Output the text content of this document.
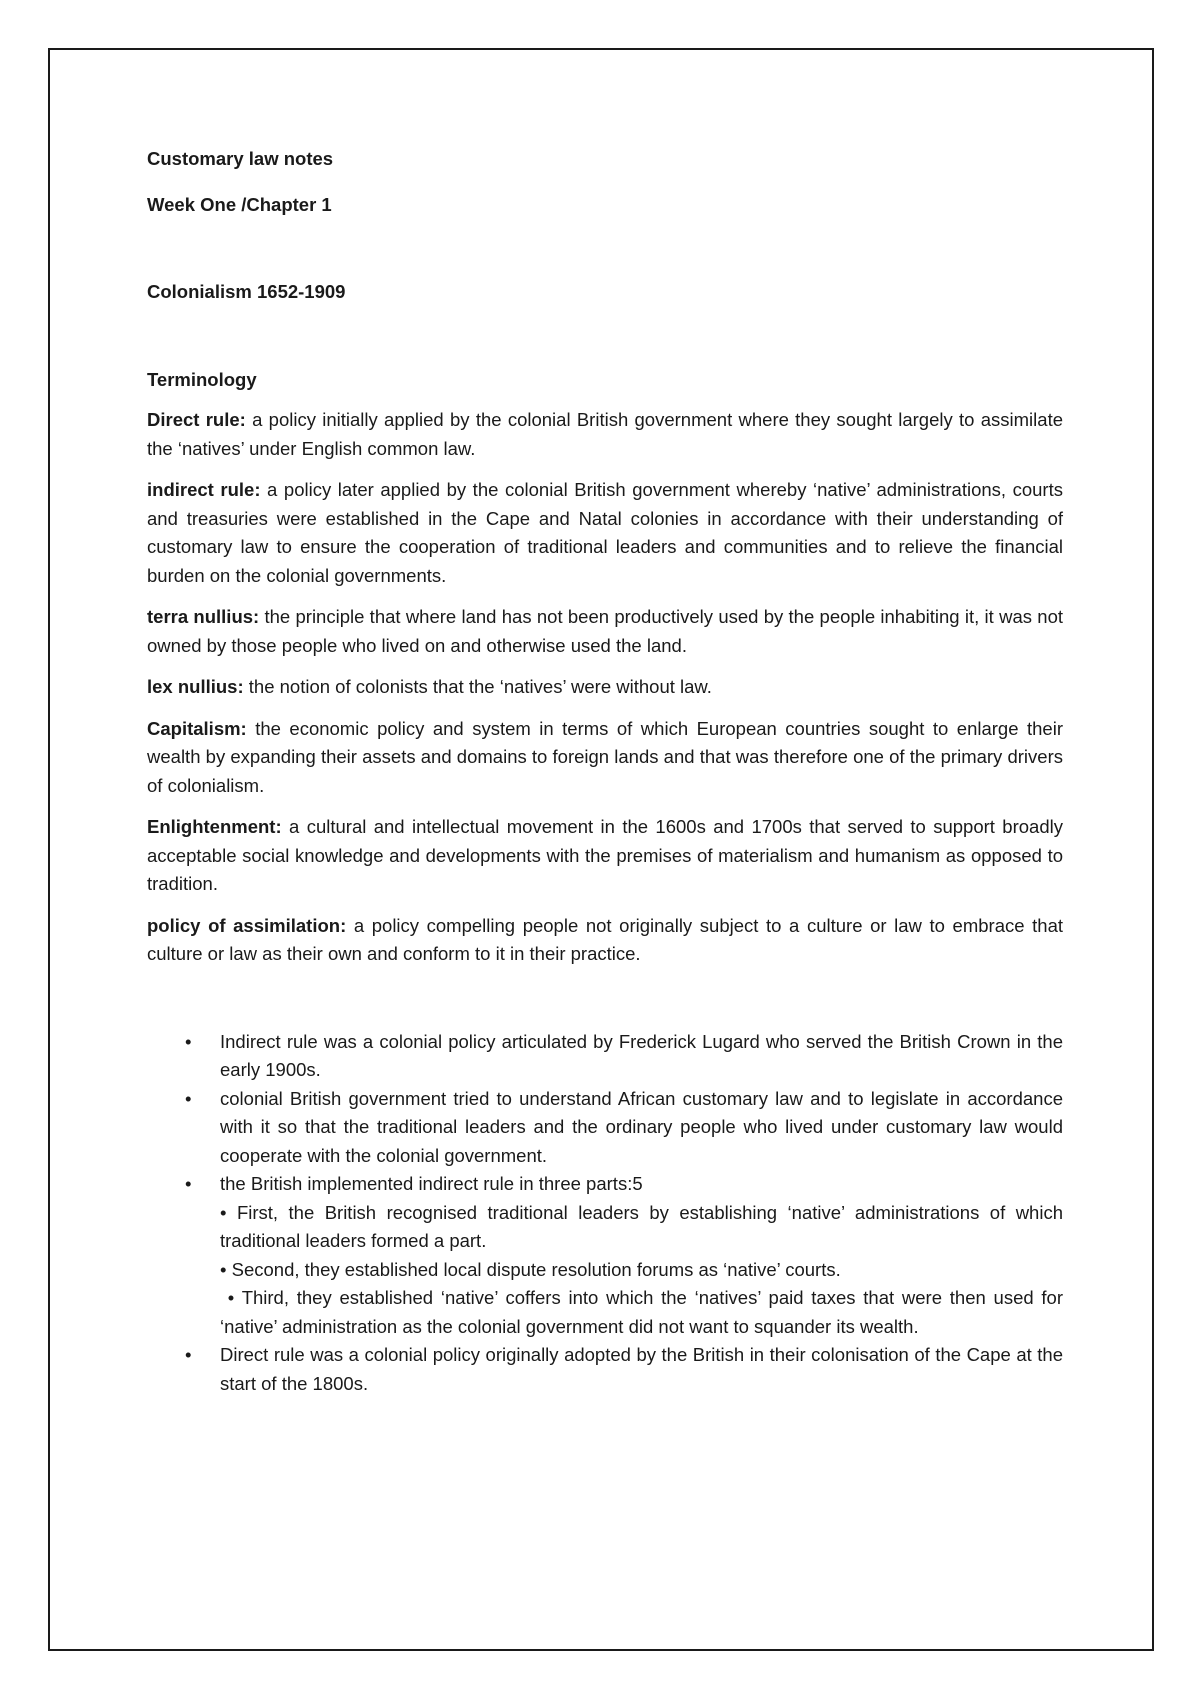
Customary law notes

Week One /Chapter 1

Colonialism 1652-1909

Terminology

Direct rule: a policy initially applied by the colonial British government where they sought largely to assimilate the ‘natives’ under English common law.

indirect rule: a policy later applied by the colonial British government whereby ‘native’ administrations, courts and treasuries were established in the Cape and Natal colonies in accordance with their understanding of customary law to ensure the cooperation of traditional leaders and communities and to relieve the financial burden on the colonial governments.

terra nullius: the principle that where land has not been productively used by the people inhabiting it, it was not owned by those people who lived on and otherwise used the land.

lex nullius: the notion of colonists that the ‘natives’ were without law.

Capitalism: the economic policy and system in terms of which European countries sought to enlarge their wealth by expanding their assets and domains to foreign lands and that was therefore one of the primary drivers of colonialism.

Enlightenment: a cultural and intellectual movement in the 1600s and 1700s that served to support broadly acceptable social knowledge and developments with the premises of materialism and humanism as opposed to tradition.

policy of assimilation: a policy compelling people not originally subject to a culture or law to embrace that culture or law as their own and conform to it in their practice.

• Indirect rule was a colonial policy articulated by Frederick Lugard who served the British Crown in the early 1900s.
• colonial British government tried to understand African customary law and to legislate in accordance with it so that the traditional leaders and the ordinary people who lived under customary law would cooperate with the colonial government.
• the British implemented indirect rule in three parts:5
• First, the British recognised traditional leaders by establishing ‘native’ administrations of which traditional leaders formed a part.
• Second, they established local dispute resolution forums as ‘native’ courts.
• Third, they established ‘native’ coffers into which the ‘natives’ paid taxes that were then used for ‘native’ administration as the colonial government did not want to squander its wealth.
• Direct rule was a colonial policy originally adopted by the British in their colonisation of the Cape at the start of the 1800s.
